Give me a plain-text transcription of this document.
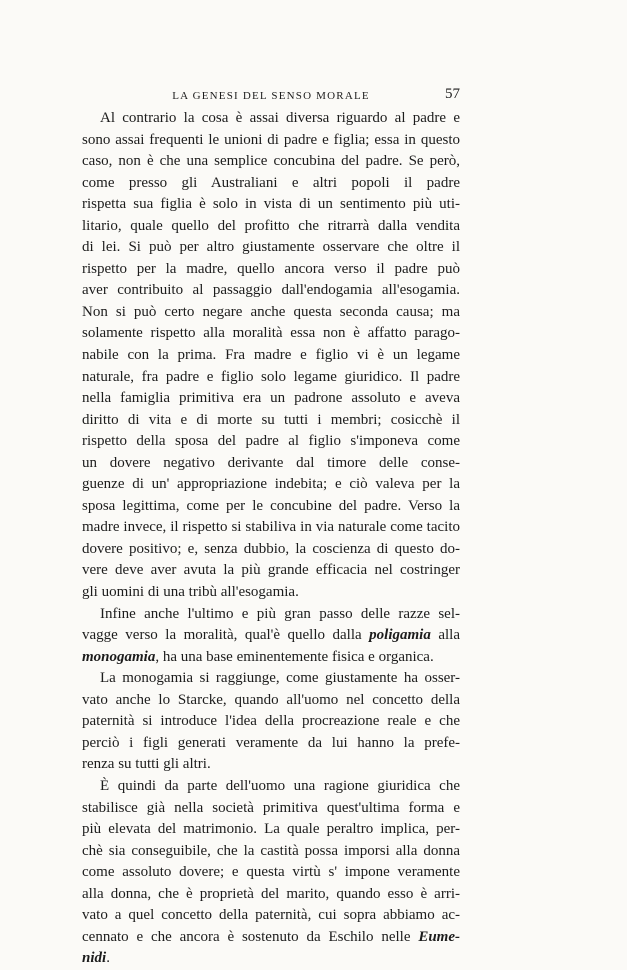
LA GENESI DEL SENSO MORALE	57
Al contrario la cosa è assai diversa riguardo al padre e
sono assai frequenti le unioni di padre e figlia; essa in questo
caso, non è che una semplice concubina del padre. Se però,
come presso gli Australiani e altri popoli il padre
rispetta sua figlia è solo in vista di un sentimento più uti-
litario, quale quello del profitto che ritrarrà dalla vendita
di lei. Si può per altro giustamente osservare che oltre il
rispetto per la madre, quello ancora verso il padre può
aver contribuito al passaggio dall'endogamia all'esogamia.
Non si può certo negare anche questa seconda causa; ma
solamente rispetto alla moralità essa non è affatto parago-
nabile con la prima. Fra madre e figlio vi è un legame
naturale, fra padre e figlio solo legame giuridico. Il padre
nella famiglia primitiva era un padrone assoluto e aveva
diritto di vita e di morte su tutti i membri; cosicchè il
rispetto della sposa del padre al figlio s'imponeva come
un dovere negativo derivante dal timore delle conse-
guenze di un' appropriazione indebita; e ciò valeva per la
sposa legittima, come per le concubine del padre. Verso la
madre invece, il rispetto si stabiliva in via naturale come tacito
dovere positivo; e, senza dubbio, la coscienza di questo do-
vere deve aver avuta la più grande efficacia nel costringer
gli uomini di una tribù all'esogamia.
Infine anche l'ultimo e più gran passo delle razze sel-
vagge verso la moralità, qual'è quello dalla poligamia alla
monogamia, ha una base eminentemente fisica e organica.
La monogamia si raggiunge, come giustamente ha osser-
vato anche lo Starcke, quando all'uomo nel concetto della
paternità si introduce l'idea della procreazione reale e che
perciò i figli generati veramente da lui hanno la prefe-
renza su tutti gli altri.
È quindi da parte dell'uomo una ragione giuridica che
stabilisce già nella società primitiva quest'ultima forma e
più elevata del matrimonio. La quale peraltro implica, per-
chè sia conseguibile, che la castità possa imporsi alla donna
come assoluto dovere; e questa virtù s' impone veramente
alla donna, che è proprietà del marito, quando esso è arri-
vato a quel concetto della paternità, cui sopra abbiamo ac-
cennato e che ancora è sostenuto da Eschilo nelle Eume-
nidi.
